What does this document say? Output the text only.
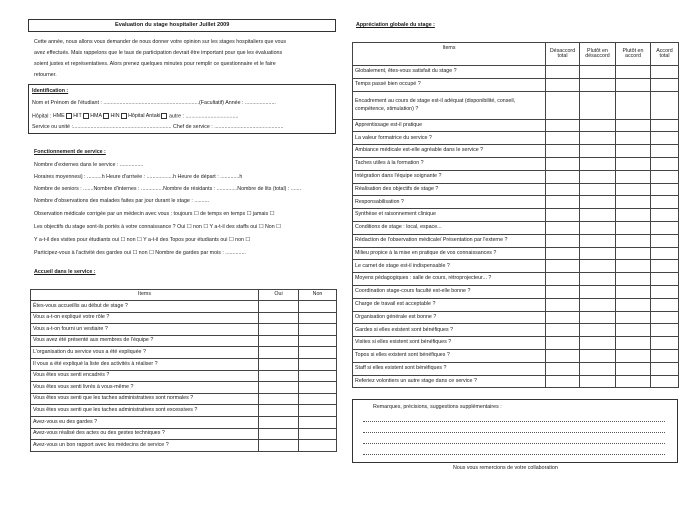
Evaluation du stage hospitalier Juillet 2009
Cette année, nous allons vous demander de nous donner votre opinion sur les stages hospitaliers que vous
avez effectués. Mais rappelons que le taux de participation devrait être important pour que les évaluations
soient justes et représentatives. Alors prenez quelques minutes pour remplir ce questionnaire et le faire
retourner.
Identification :
Nom et Prénom de l'étudiant : .................................................................(Facultatif) Année : .....................
Hôpital : HME HIT HMA HIN Hôpital Antaki autre : ....................................
Service ou unité :................................................................... Chef de service : ...............................................
Fonctionnement de service :
Nombre d'externes dans le service : ................
Horaires moyennes/j : ..........h Heure d'arrivée : ..................h Heure de départ : .............h
Nombre de seniors : .......Nombre d'internes : ...............Nombre de résidants : ..............Nombre de lits (total) : .......
Nombre d'observations des malades faites par jour durant le stage : ..........
Observation médicale corrigée par un médecin avec vous : toujours ☐ de temps en temps ☐ jamais ☐
Les objectifs du stage sont-ils portés à votre connaissance ? Oui ☐ non ☐ Y a-t-il des staffs oui ☐ Non ☐
Y a-t-il des visites pour étudiants oui ☐ non ☐ Y a-t-il des Topos pour étudiants oui ☐ non ☐
Participez-vous à l'activité des gardes oui ☐ non ☐ Nombre de gardes par mois : ..............
Accueil dans le service :
Items	Oui	Non
Êtes-vous accueillis au début de stage ?		
Vous a-t-on expliqué votre rôle ?		
Vous a-t-on fourni un vestiaire ?		
Vous avez été présenté aux membres de l'équipe ?		
L'organisation du service vous a été expliquée ?		
Il vous a été expliqué la liste des activités à réaliser ?		
Vous êtes vous senti encadrés ?		
Vous êtes vous senti livrés à vous-même ?		
Vous êtes vous senti que les taches administratives sont normales ?		
Vous êtes vous senti que les taches administratives sont excessives ?		
Avez-vous eu des gardes ?		
Avez-vous réalisé des actes ou des gestes techniques ?		
Avez-vous un bon rapport avec les médecins de service ?		
Appréciation globale du stage :
Items	Désaccord total	Plutôt en désaccord	Plutôt en accord	Accord total
Globalement, êtes-vous satisfait du stage ?				
Temps passé bien occupé ?				
Encadrement au cours de stage est-il adéquat (disponibilité, conseil, compétence, stimulation) ?				
Apprentissage est-il pratique				
La valeur formatrice du service ?				
Ambiance médicale est-elle agréable dans le service ?				
Taches utiles à la formation ?				
Intégration dans l'équipe soignante ?				
Réalisation des objectifs de stage ?				
Responsabilisation ?				
Synthèse et raisonnement clinique				
Conditions de stage : local, espace...				
Rédaction de l'observation médicale/ Présentation par l'externe ?				
Milieu propice à la mise en pratique de vos connaissances ?				
Le carnet de stage est-il indispensable ?				
Moyens pédagogiques : salle de cours, rétroprojecteur... ?				
Coordination stage-cours faculté est-elle bonne ?				
Charge de travail est acceptable ?				
Organisation générale est bonne ?				
Gardes si elles existent sont bénéfiques ?				
Visites si elles existent sont bénéfiques ?				
Topos si elles existent sont bénéfiques ?				
Staff si elles existent sont bénéfiques ?				
Referiez volontiers un autre stage dans ce service ?				
Remarques, précisions, suggestions supplémentaires :
Nous vous remercions de votre collaboration
